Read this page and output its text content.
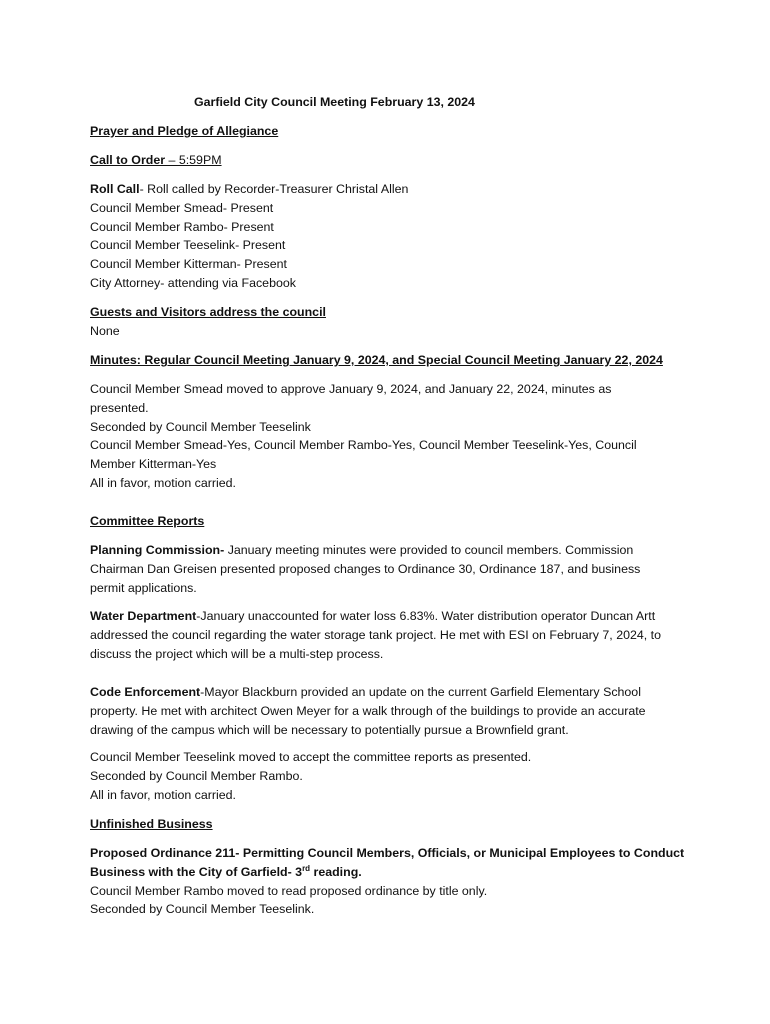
Garfield City Council Meeting February 13, 2024
Prayer and Pledge of Allegiance
Call to Order – 5:59PM

Roll Call- Roll called by Recorder-Treasurer Christal Allen

Council Member Smead- Present

Council Member Rambo- Present

Council Member Teeselink- Present

Council Member Kitterman- Present

City Attorney- attending via Facebook

Guests and Visitors address the council

None

Minutes: Regular Council Meeting January 9, 2024, and Special Council Meeting January 22, 2024

Council Member Smead moved to approve January 9, 2024, and January 22, 2024, minutes as

presented.

Seconded by Council Member Teeselink

Council Member Smead-Yes, Council Member Rambo-Yes, Council Member Teeselink-Yes, Council

Member Kitterman-Yes

All in favor, motion carried.

Committee Reports

Planning Commission- January meeting minutes were provided to council members. Commission

Chairman Dan Greisen presented proposed changes to Ordinance 30, Ordinance 187, and business

permit applications.

Water Department-January unaccounted for water loss 6.83%. Water distribution operator Duncan Artt

addressed the council regarding the water storage tank project. He met with ESI on February 7, 2024, to

discuss the project which will be a multi-step process.

Code Enforcement-Mayor Blackburn provided an update on the current Garfield Elementary School

property. He met with architect Owen Meyer for a walk through of the buildings to provide an accurate

drawing of the campus which will be necessary to potentially pursue a Brownfield grant.

Council Member Teeselink moved to accept the committee reports as presented.

Seconded by Council Member Rambo.

All in favor, motion carried.

Unfinished Business

Proposed Ordinance 211- Permitting Council Members, Officials, or Municipal Employees to Conduct

Business with the City of Garfield- 3rd reading.

Council Member Rambo moved to read proposed ordinance by title only.

Seconded by Council Member Teeselink.
